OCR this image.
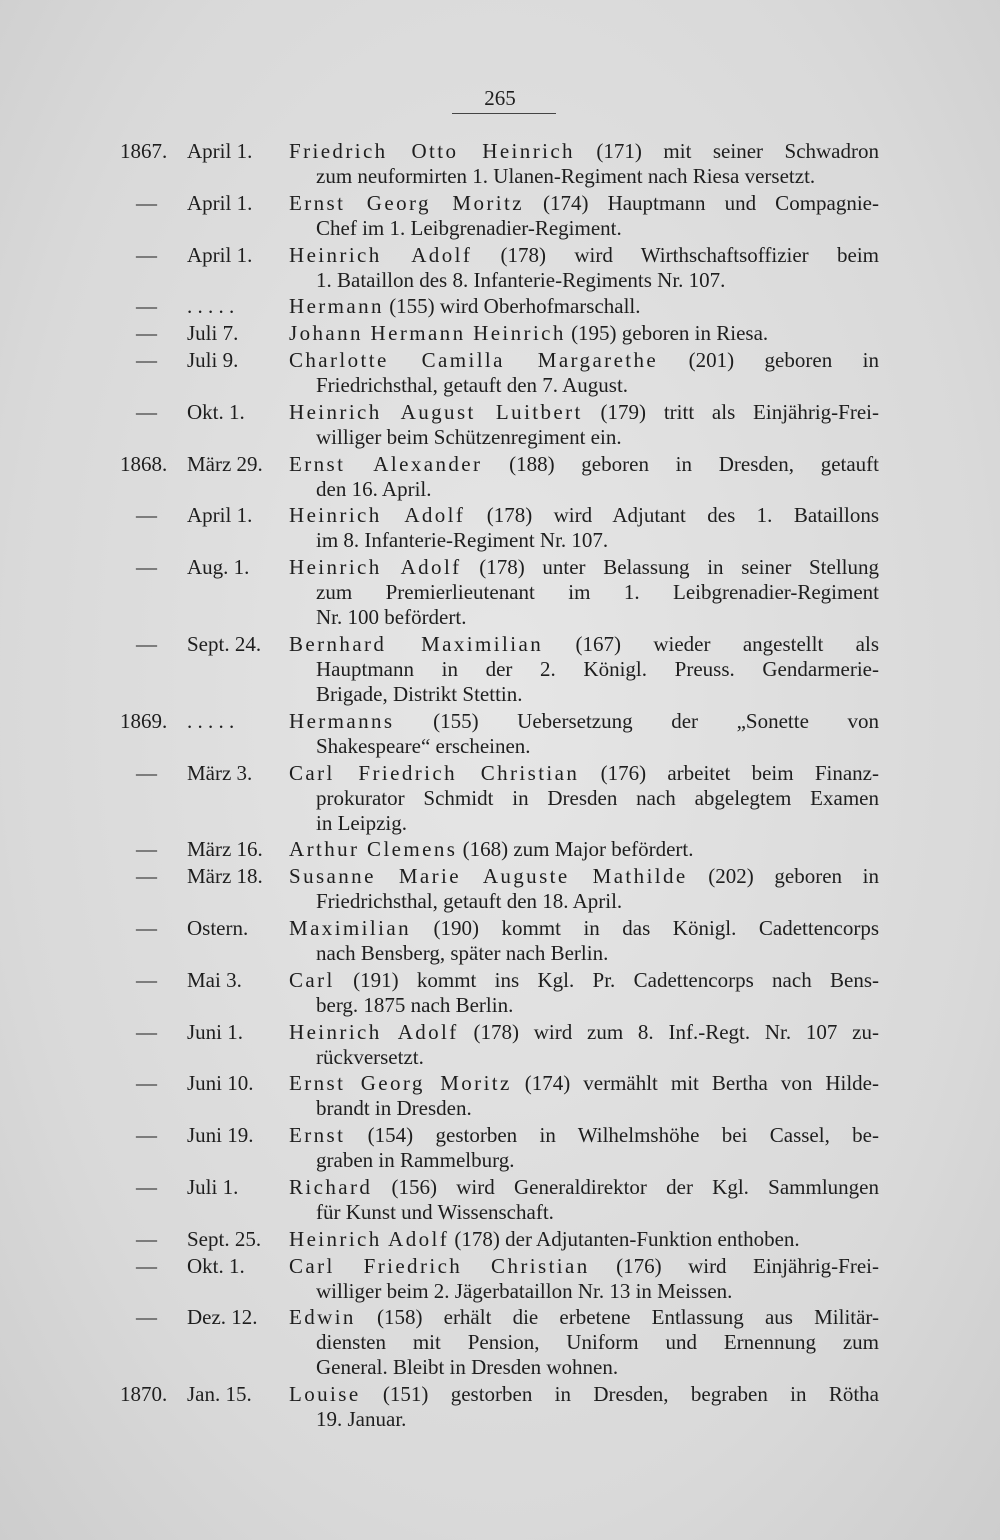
265
1867. April 1.	Friedrich Otto Heinrich (171) mit seiner Schwadron
zum neuformirten 1. Ulanen-Regiment nach Riesa versetzt.
—	April 1.	Ernst Georg Moritz (174) Hauptmann und Compagnie-
Chef im 1. Leibgrenadier-Regiment.
—	April 1.	Heinrich Adolf (178) wird Wirthschaftsoffizier beim
1. Bataillon des 8. Infanterie-Regiments Nr. 107.
—	. . . . .	Hermann (155) wird Oberhofmarschall.
—	Juli 7.	Johann Hermann Heinrich (195) geboren in Riesa.
—	Juli 9.	Charlotte Camilla Margarethe (201) geboren in
Friedrichsthal, getauft den 7. August.
—	Okt. 1.	Heinrich August Luitbert (179) tritt als Einjährig-Frei-
williger beim Schützenregiment ein.
1868. März 29.	Ernst Alexander (188) geboren in Dresden, getauft
den 16. April.
—	April 1.	Heinrich Adolf (178) wird Adjutant des 1. Bataillons
im 8. Infanterie-Regiment Nr. 107.
—	Aug. 1.	Heinrich Adolf (178) unter Belassung in seiner Stellung
zum Premierlieutenant im 1. Leibgrenadier-Regiment
Nr. 100 befördert.
—	Sept. 24.	Bernhard Maximilian (167) wieder angestellt als
Hauptmann in der 2. Königl. Preuss. Gendarmerie-
Brigade, Distrikt Stettin.
1869. . . . . .	Hermanns (155) Uebersetzung der „Sonette von
Shakespeare“ erscheinen.
—	März 3.	Carl Friedrich Christian (176) arbeitet beim Finanz-
prokurator Schmidt in Dresden nach abgelegtem Examen
in Leipzig.
—	März 16.	Arthur Clemens (168) zum Major befördert.
—	März 18.	Susanne Marie Auguste Mathilde (202) geboren in
Friedrichsthal, getauft den 18. April.
—	Ostern.	Maximilian (190) kommt in das Königl. Cadettencorps
nach Bensberg, später nach Berlin.
—	Mai 3.	Carl (191) kommt ins Kgl. Pr. Cadettencorps nach Bens-
berg. 1875 nach Berlin.
—	Juni 1.	Heinrich Adolf (178) wird zum 8. Inf.-Regt. Nr. 107 zu-
rückversetzt.
—	Juni 10.	Ernst Georg Moritz (174) vermählt mit Bertha von Hilde-
brandt in Dresden.
—	Juni 19.	Ernst (154) gestorben in Wilhelmshöhe bei Cassel, be-
graben in Rammelburg.
—	Juli 1.	Richard (156) wird Generaldirektor der Kgl. Sammlungen
für Kunst und Wissenschaft.
—	Sept. 25.	Heinrich Adolf (178) der Adjutanten-Funktion enthoben.
—	Okt. 1.	Carl Friedrich Christian (176) wird Einjährig-Frei-
williger beim 2. Jägerbataillon Nr. 13 in Meissen.
—	Dez. 12.	Edwin (158) erhält die erbetene Entlassung aus Militär-
diensten mit Pension, Uniform und Ernennung zum
General. Bleibt in Dresden wohnen.
1870. Jan. 15.	Louise (151) gestorben in Dresden, begraben in Rötha
19. Januar.
